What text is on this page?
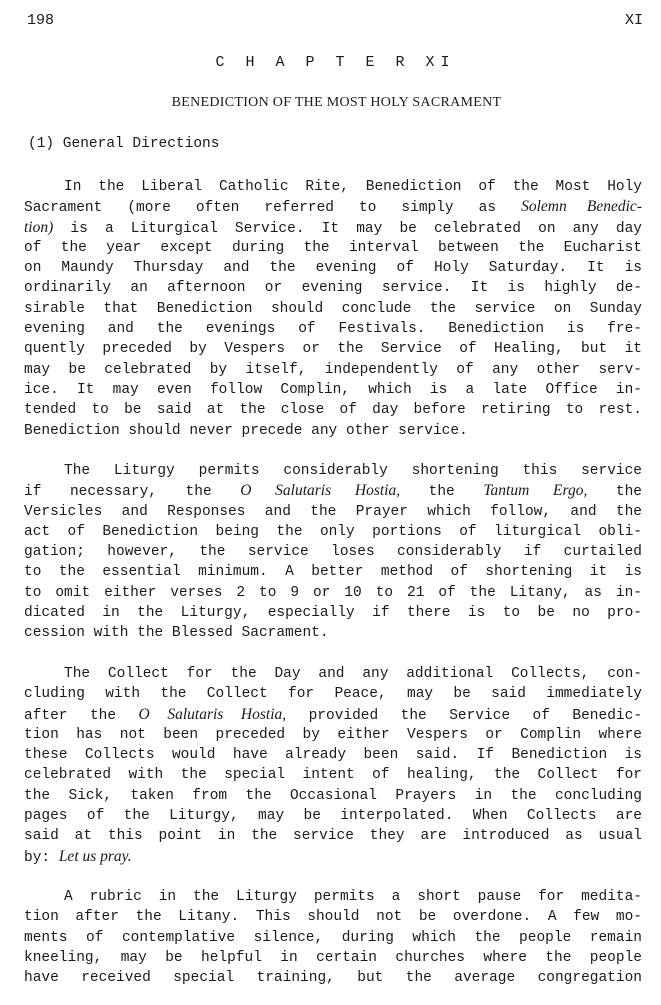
198	XI
C H A P T E R XI
BENEDICTION OF THE MOST HOLY SACRAMENT
(1) General Directions
In the Liberal Catholic Rite, Benediction of the Most Holy
Sacrament (more often referred to simply as Solemn Benedic-
tion) is a Liturgical Service. It may be celebrated on any day
of the year except during the interval between the Eucharist
on Maundy Thursday and the evening of Holy Saturday. It is
ordinarily an afternoon or evening service. It is highly de-
sirable that Benediction should conclude the service on Sunday
evening and the evenings of Festivals. Benediction is fre-
quently preceded by Vespers or the Service of Healing, but it
may be celebrated by itself, independently of any other serv-
ice. It may even follow Complin, which is a late Office in-
tended to be said at the close of day before retiring to rest.
Benediction should never precede any other service.
The Liturgy permits considerably shortening this service
if necessary, the O Salutaris Hostia, the Tantum Ergo, the
Versicles and Responses and the Prayer which follow, and the
act of Benediction being the only portions of liturgical obli-
gation; however, the service loses considerably if curtailed
to the essential minimum. A better method of shortening it is
to omit either verses 2 to 9 or 10 to 21 of the Litany, as in-
dicated in the Liturgy, especially if there is to be no pro-
cession with the Blessed Sacrament.
The Collect for the Day and any additional Collects, con-
cluding with the Collect for Peace, may be said immediately
after the O Salutaris Hostia, provided the Service of Benedic-
tion has not been preceded by either Vespers or Complin where
these Collects would have already been said. If Benediction is
celebrated with the special intent of healing, the Collect for
the Sick, taken from the Occasional Prayers in the concluding
pages of the Liturgy, may be interpolated. When Collects are
said at this point in the service they are introduced as usual
by: Let us pray.
A rubric in the Liturgy permits a short pause for medita-
tion after the Litany. This should not be overdone. A few mo-
ments of contemplative silence, during which the people remain
kneeling, may be helpful in certain churches where the people
have received special training, but the average congregation
